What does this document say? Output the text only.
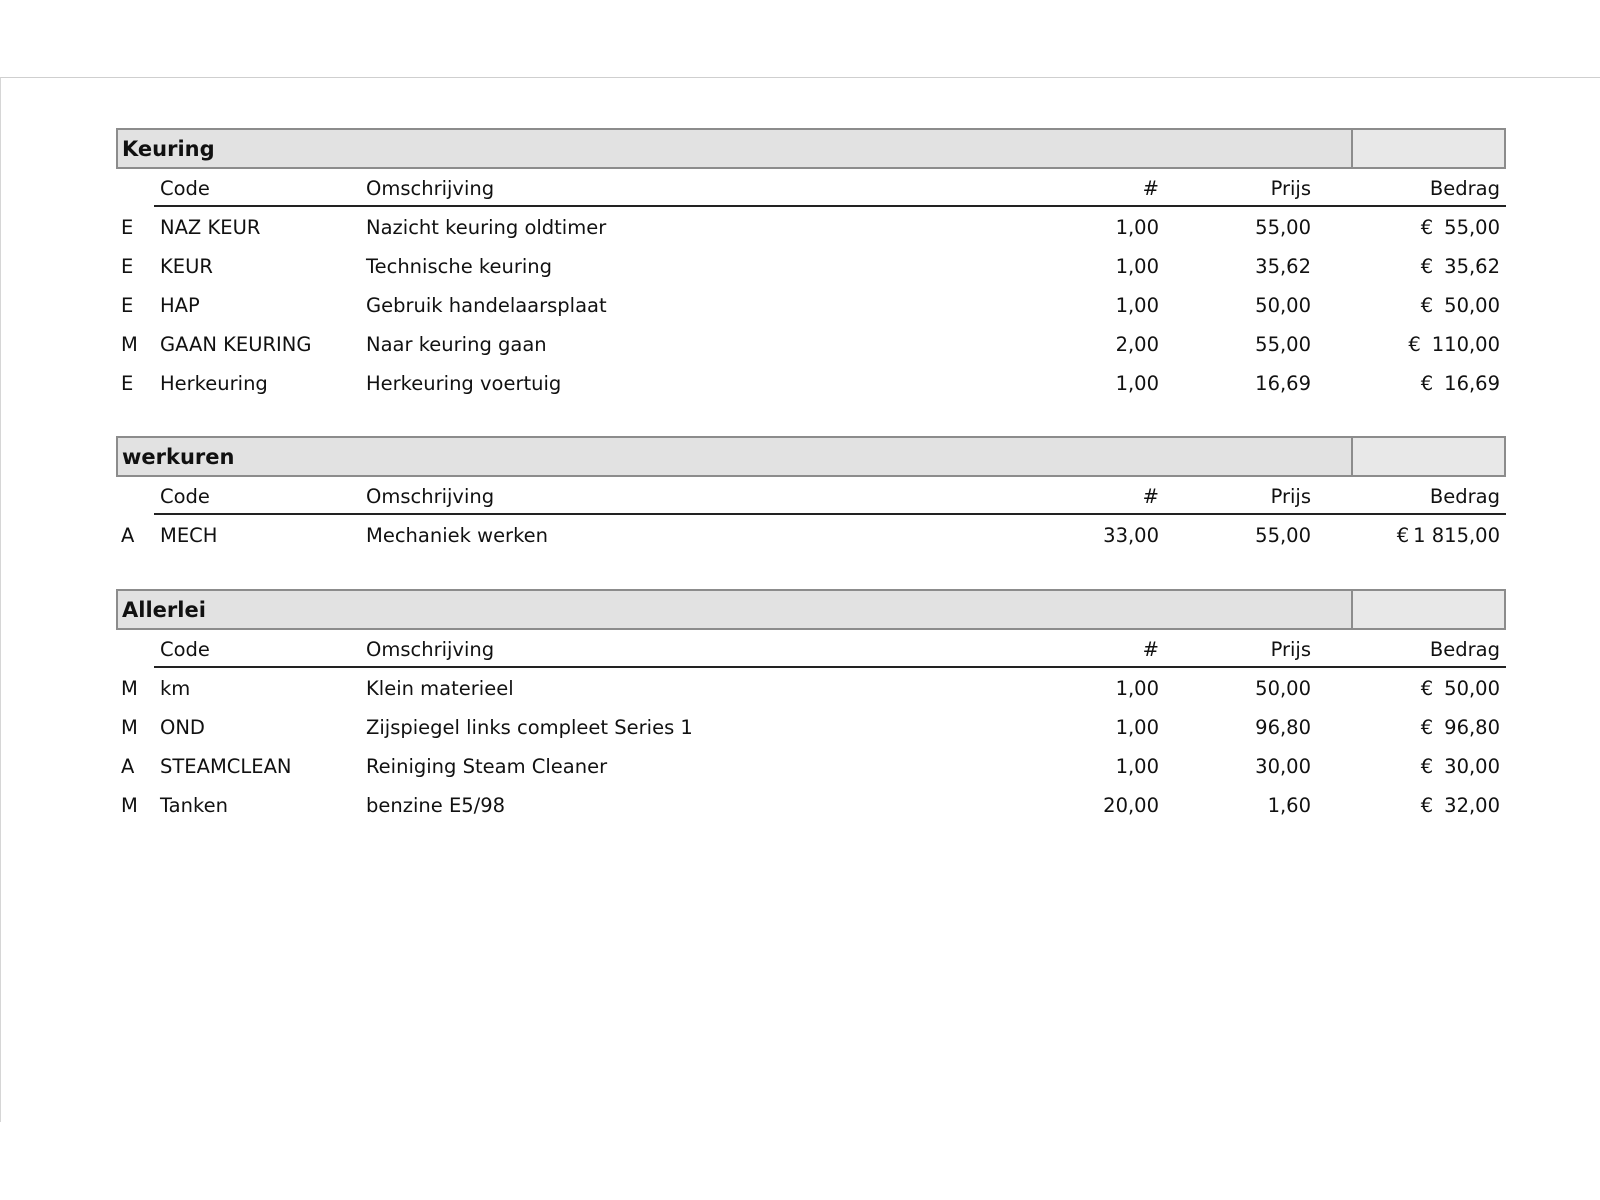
Keuring
Code	Omschrijving	#	Prijs	Bedrag
E NAZ KEUR	Nazicht keuring oldtimer	1,00	55,00	€ 55,00
E KEUR	Technische keuring	1,00	35,62	€ 35,62
E HAP	Gebruik handelaarsplaat	1,00	50,00	€ 50,00
M GAAN KEURING	Naar keuring gaan	2,00	55,00	€ 110,00
E Herkeuring	Herkeuring voertuig	1,00	16,69	€ 16,69
werkuren
Code	Omschrijving	#	Prijs	Bedrag
A MECH	Mechaniek werken	33,00	55,00	€ 1 815,00
Allerlei
Code	Omschrijving	#	Prijs	Bedrag
M km	Klein materieel	1,00	50,00	€ 50,00
M OND	Zijspiegel links compleet Series 1	1,00	96,80	€ 96,80
A STEAMCLEAN	Reiniging Steam Cleaner	1,00	30,00	€ 30,00
M Tanken	benzine E5/98	20,00	1,60	€ 32,00
